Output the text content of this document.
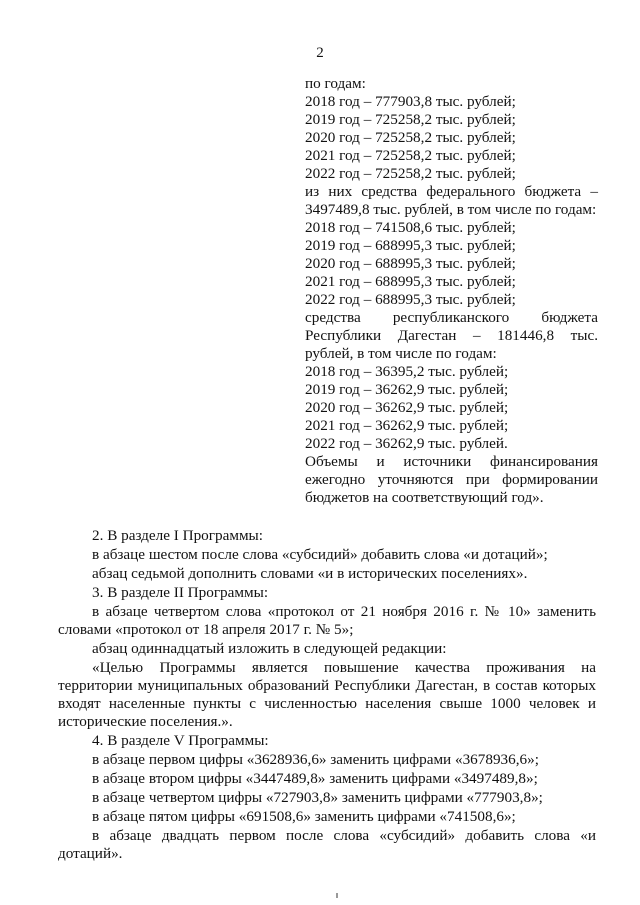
2
по годам:
2018 год – 777903,8 тыс. рублей;
2019 год – 725258,2 тыс. рублей;
2020 год – 725258,2 тыс. рублей;
2021 год – 725258,2 тыс. рублей;
2022 год – 725258,2 тыс. рублей;
из них средства федерального бюджета – 3497489,8 тыс. рублей, в том числе по годам:
2018 год – 741508,6 тыс. рублей;
2019 год – 688995,3 тыс. рублей;
2020 год – 688995,3 тыс. рублей;
2021 год – 688995,3 тыс. рублей;
2022 год – 688995,3 тыс. рублей;
средства республиканского бюджета
Республики Дагестан – 181446,8 тыс. рублей, в том числе по годам:
2018 год – 36395,2 тыс. рублей;
2019 год – 36262,9 тыс. рублей;
2020 год – 36262,9 тыс. рублей;
2021 год – 36262,9 тыс. рублей;
2022 год – 36262,9 тыс. рублей.
Объемы и источники финансирования ежегодно уточняются при формировании бюджетов на соответствующий год».

2. В разделе I Программы:

в абзаце шестом после слова «субсидий» добавить слова «и дотаций»;

абзац седьмой дополнить словами «и в исторических поселениях».

3. В разделе II Программы:

в абзаце четвертом слова «протокол от 21 ноября 2016 г. № 10» заменить словами «протокол от 18 апреля 2017 г. № 5»;

абзац одиннадцатый изложить в следующей редакции:

«Целью Программы является повышение качества проживания на территории муниципальных образований Республики Дагестан, в состав которых входят населенные пункты с численностью населения свыше 1000 человек и исторические поселения.».

4. В разделе V Программы:

в абзаце первом цифры «3628936,6» заменить цифрами «3678936,6»;

в абзаце втором цифры «3447489,8» заменить цифрами «3497489,8»;

в абзаце четвертом цифры «727903,8» заменить цифрами «777903,8»;

в абзаце пятом цифры «691508,6» заменить цифрами «741508,6»;

в абзаце двадцать первом после слова «субсидий» добавить слова «и дотаций».
